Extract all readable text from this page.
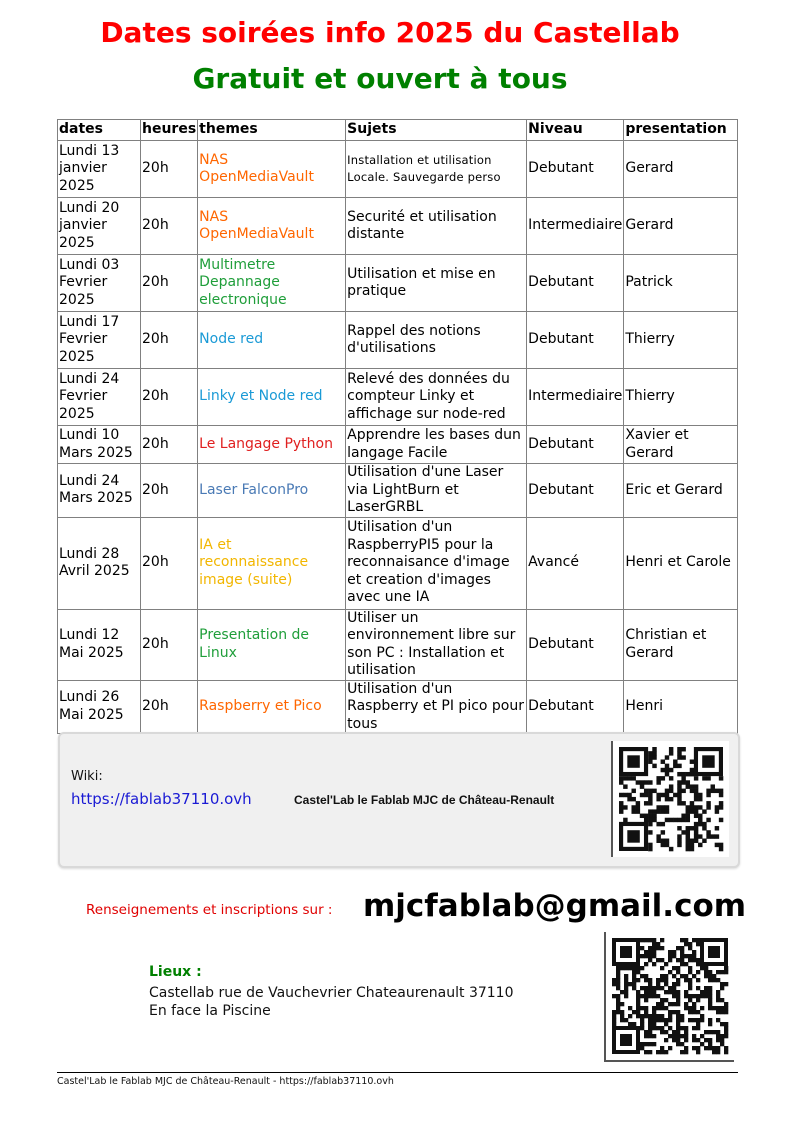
Dates soirées info 2025 du Castellab
Gratuit et ouvert à tous
dates	heures	themes	Sujets	Niveau	presentation
Lundi 13 janvier 2025	20h	NAS OpenMediaVault	Installation et utilisation Locale. Sauvegarde perso	Debutant	Gerard
Lundi 20 janvier 2025	20h	NAS OpenMediaVault	Securité et utilisation distante	Intermediaire	Gerard
Lundi 03 Fevrier 2025	20h	Multimetre Depannage electronique	Utilisation et mise en pratique	Debutant	Patrick
Lundi 17 Fevrier 2025	20h	Node red	Rappel des notions d'utilisations	Debutant	Thierry
Lundi 24 Fevrier 2025	20h	Linky et Node red	Relevé des données du compteur Linky et affichage sur node-red	Intermediaire	Thierry
Lundi 10 Mars 2025	20h	Le Langage Python	Apprendre les bases dun langage Facile	Debutant	Xavier et Gerard
Lundi 24 Mars 2025	20h	Laser FalconPro	Utilisation d'une Laser via LightBurn et LaserGRBL	Debutant	Eric et Gerard
Lundi 28 Avril 2025	20h	IA et reconnaissance image (suite)	Utilisation d'un RaspberryPI5 pour la reconnaisance d'image et creation d'images avec une IA	Avancé	Henri et Carole
Lundi 12 Mai 2025	20h	Presentation de Linux	Utiliser un environnement libre sur son PC : Installation et utilisation	Debutant	Christian et Gerard
Lundi 26 Mai 2025	20h	Raspberry et Pico	Utilisation d'un Raspberry et PI pico pour tous	Debutant	Henri
Wiki:
https://fablab37110.ovh	Castel'Lab le Fablab MJC de Château-Renault
Renseignements et inscriptions sur : mjcfablab@gmail.com
Lieux :
Castellab rue de Vauchevrier Chateaurenault 37110
En face la Piscine
Castel'Lab le Fablab MJC de Château-Renault - https://fablab37110.ovh
